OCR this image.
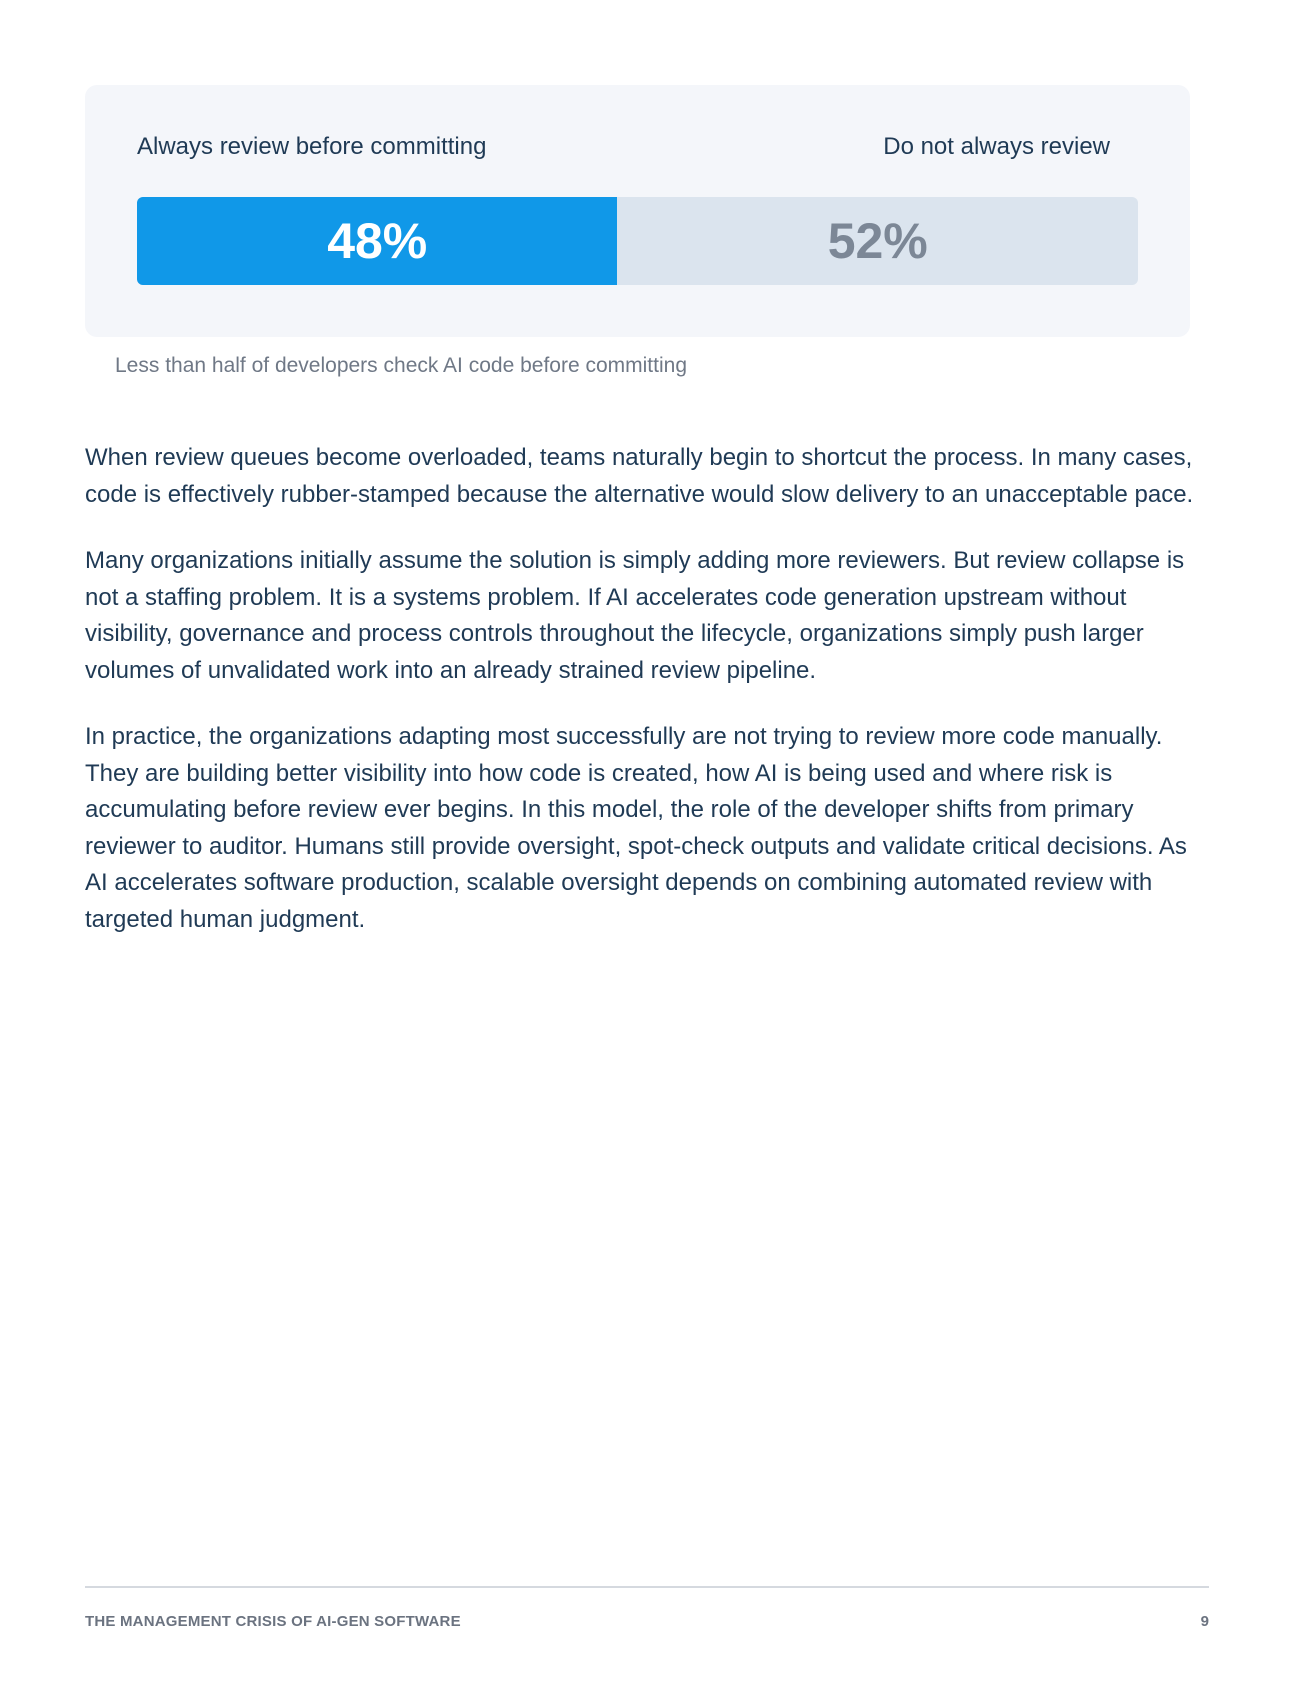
Always review before committing	Do not always review
48%	52%
Less than half of developers check AI code before committing

When review queues become overloaded, teams naturally begin to shortcut the process. In many cases, code is effectively rubber-stamped because the alternative would slow delivery to an unacceptable pace.

Many organizations initially assume the solution is simply adding more reviewers. But review collapse is not a staffing problem. It is a systems problem. If AI accelerates code generation upstream without visibility, governance and process controls throughout the lifecycle, organizations simply push larger volumes of unvalidated work into an already strained review pipeline.

In practice, the organizations adapting most successfully are not trying to review more code manually. They are building better visibility into how code is created, how AI is being used and where risk is accumulating before review ever begins. In this model, the role of the developer shifts from primary reviewer to auditor. Humans still provide oversight, spot-check outputs and validate critical decisions. As AI accelerates software production, scalable oversight depends on combining automated review with targeted human judgment.

THE MANAGEMENT CRISIS OF AI-GEN SOFTWARE	9
